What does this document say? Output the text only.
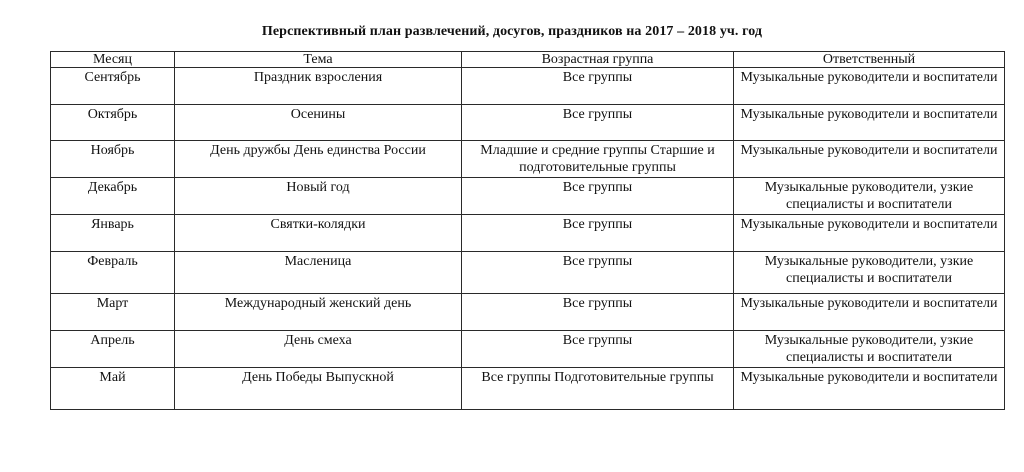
Перспективный план развлечений, досугов, праздников на 2017 – 2018 уч. год
Месяц	Тема	Возрастная группа	Ответственный
Сентябрь	Праздник взросления	Все группы	Музыкальные руководители и воспитатели
Октябрь	Осенины	Все группы	Музыкальные руководители и воспитатели
Ноябрь	День дружбы День единства России	Младшие и средние группы Старшие и подготовительные группы	Музыкальные руководители и воспитатели
Декабрь	Новый год	Все группы	Музыкальные руководители, узкие специалисты и воспитатели
Январь	Святки-колядки	Все группы	Музыкальные руководители и воспитатели
Февраль	Масленица	Все группы	Музыкальные руководители, узкие специалисты и воспитатели
Март	Международный женский день	Все группы	Музыкальные руководители и воспитатели
Апрель	День смеха	Все группы	Музыкальные руководители, узкие специалисты и воспитатели
Май	День Победы Выпускной	Все группы Подготовительные группы	Музыкальные руководители и воспитатели
